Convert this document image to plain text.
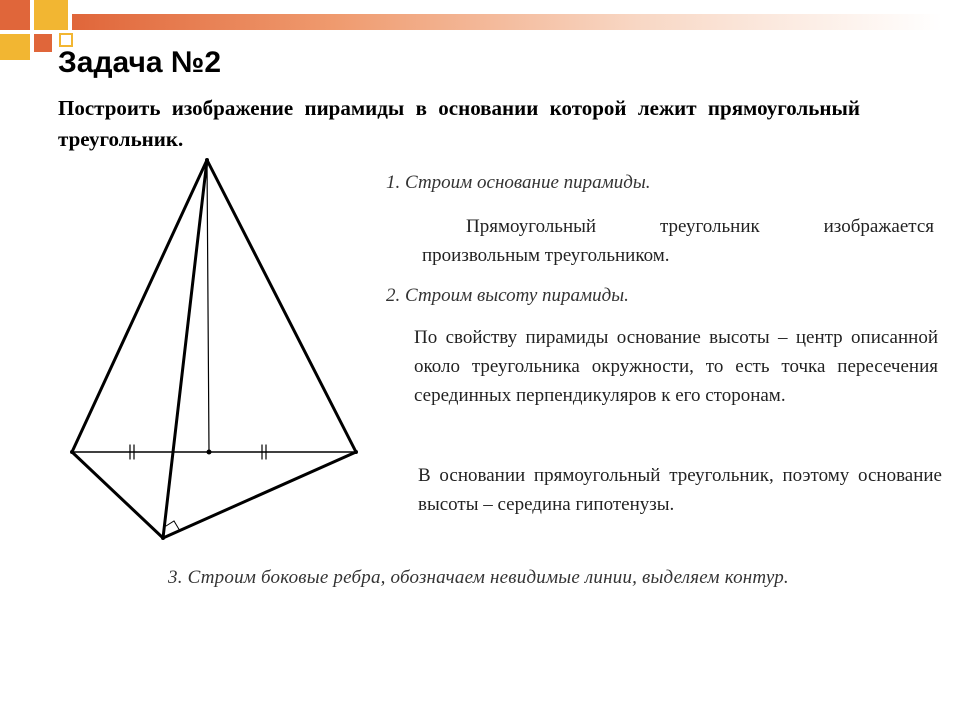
Задача №2

Построить изображение пирамиды в основании которой лежит прямоугольный треугольник.

1. Строим основание пирамиды.

Прямоугольный треугольник изображается произвольным треугольником.

2. Строим высоту пирамиды.

По свойству пирамиды основание высоты – центр описанной около треугольника окружности, то есть точка пересечения серединных перпендикуляров к его сторонам.

В основании прямоугольный треугольник, поэтому основание высоты – середина гипотенузы.

3. Строим боковые ребра, обозначаем невидимые линии, выделяем контур.
